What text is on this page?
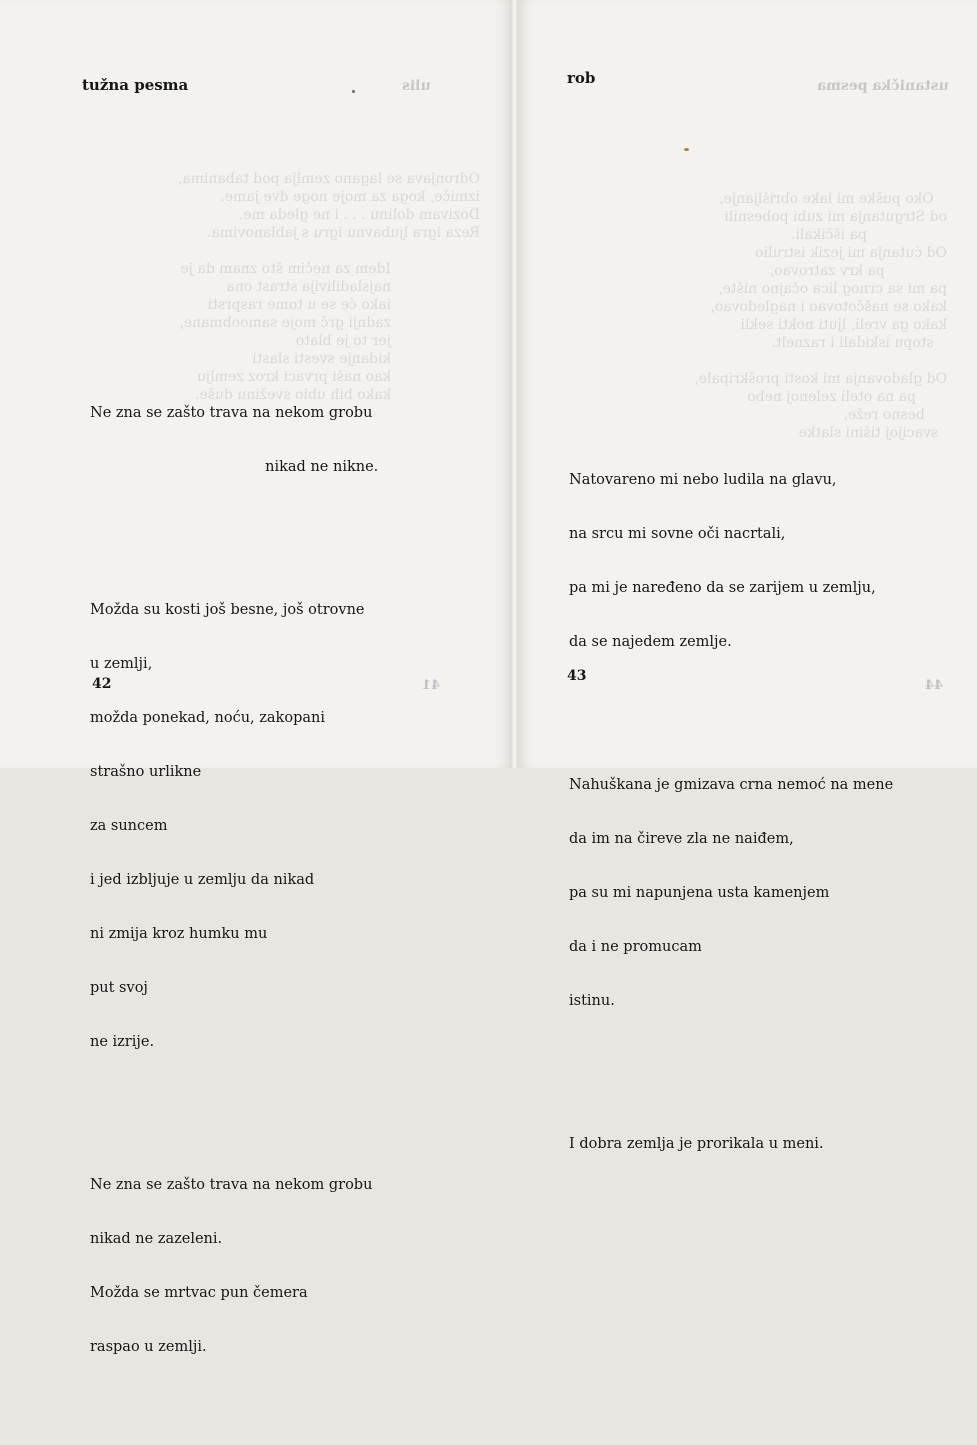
ulis
Odronjava se lagano zemlja pod tabanima,
izmiče, koga za moje noge dve jame.
Dozivam dolinu . . . i ne gleda me.
Reza igra ljubavnu igru s jablanovima.

Idem za nečim što znam da je
najsladilivija strast ona
iako će se u tome rasprsti
zadnji grč moje samoobmane,
jer to je blato
kidanje svesti slasti
kao naši prvaci kroz zemlju
kako bih ubio svežinu duše.
41
tužna pesma

Ne zna se zašto trava na nekom grobu

nikad ne nikne.

Možda su kosti još besne, još otrovne

u zemlji,

možda ponekad, noću, zakopani

strašno urlikne

za suncem

i jed izbljuje u zemlju da nikad

ni zmija kroz humku mu

put svoj

ne izrije.

Ne zna se zašto trava na nekom grobu

nikad ne zazeleni.

Možda se mrtvac pun čemera

raspao u zemlji.

42
ustanička pesma
Oko puške mi lake obrišljanje,
od Strgutanja mi zubi pobesnili
pa iščikali.
Od ćutanja mi jezik istrulio
pa krv zatrovao,
pa mi sa crnog lica očajno nište,
kako se naščotovao i nagledovao,
kako ga vreli, ljuti nokti sekli
stopu iskidali i raznelt.

Od gladovanja mi kosti proškripale,
pa na oteli zelenoj nebo
besno reže,
svacijoj tišini slatke
44
rob

Natovareno mi nebo ludila na glavu,

na srcu mi sovne oči nacrtali,

pa mi je naređeno da se zarijem u zemlju,

da se najedem zemlje.

Nahuškana je gmizava crna nemoć na mene

da im na čireve zla ne naiđem,

pa su mi napunjena usta kamenjem

da i ne promucam

istinu.

I dobra zemlja je prorikala u meni.

43
